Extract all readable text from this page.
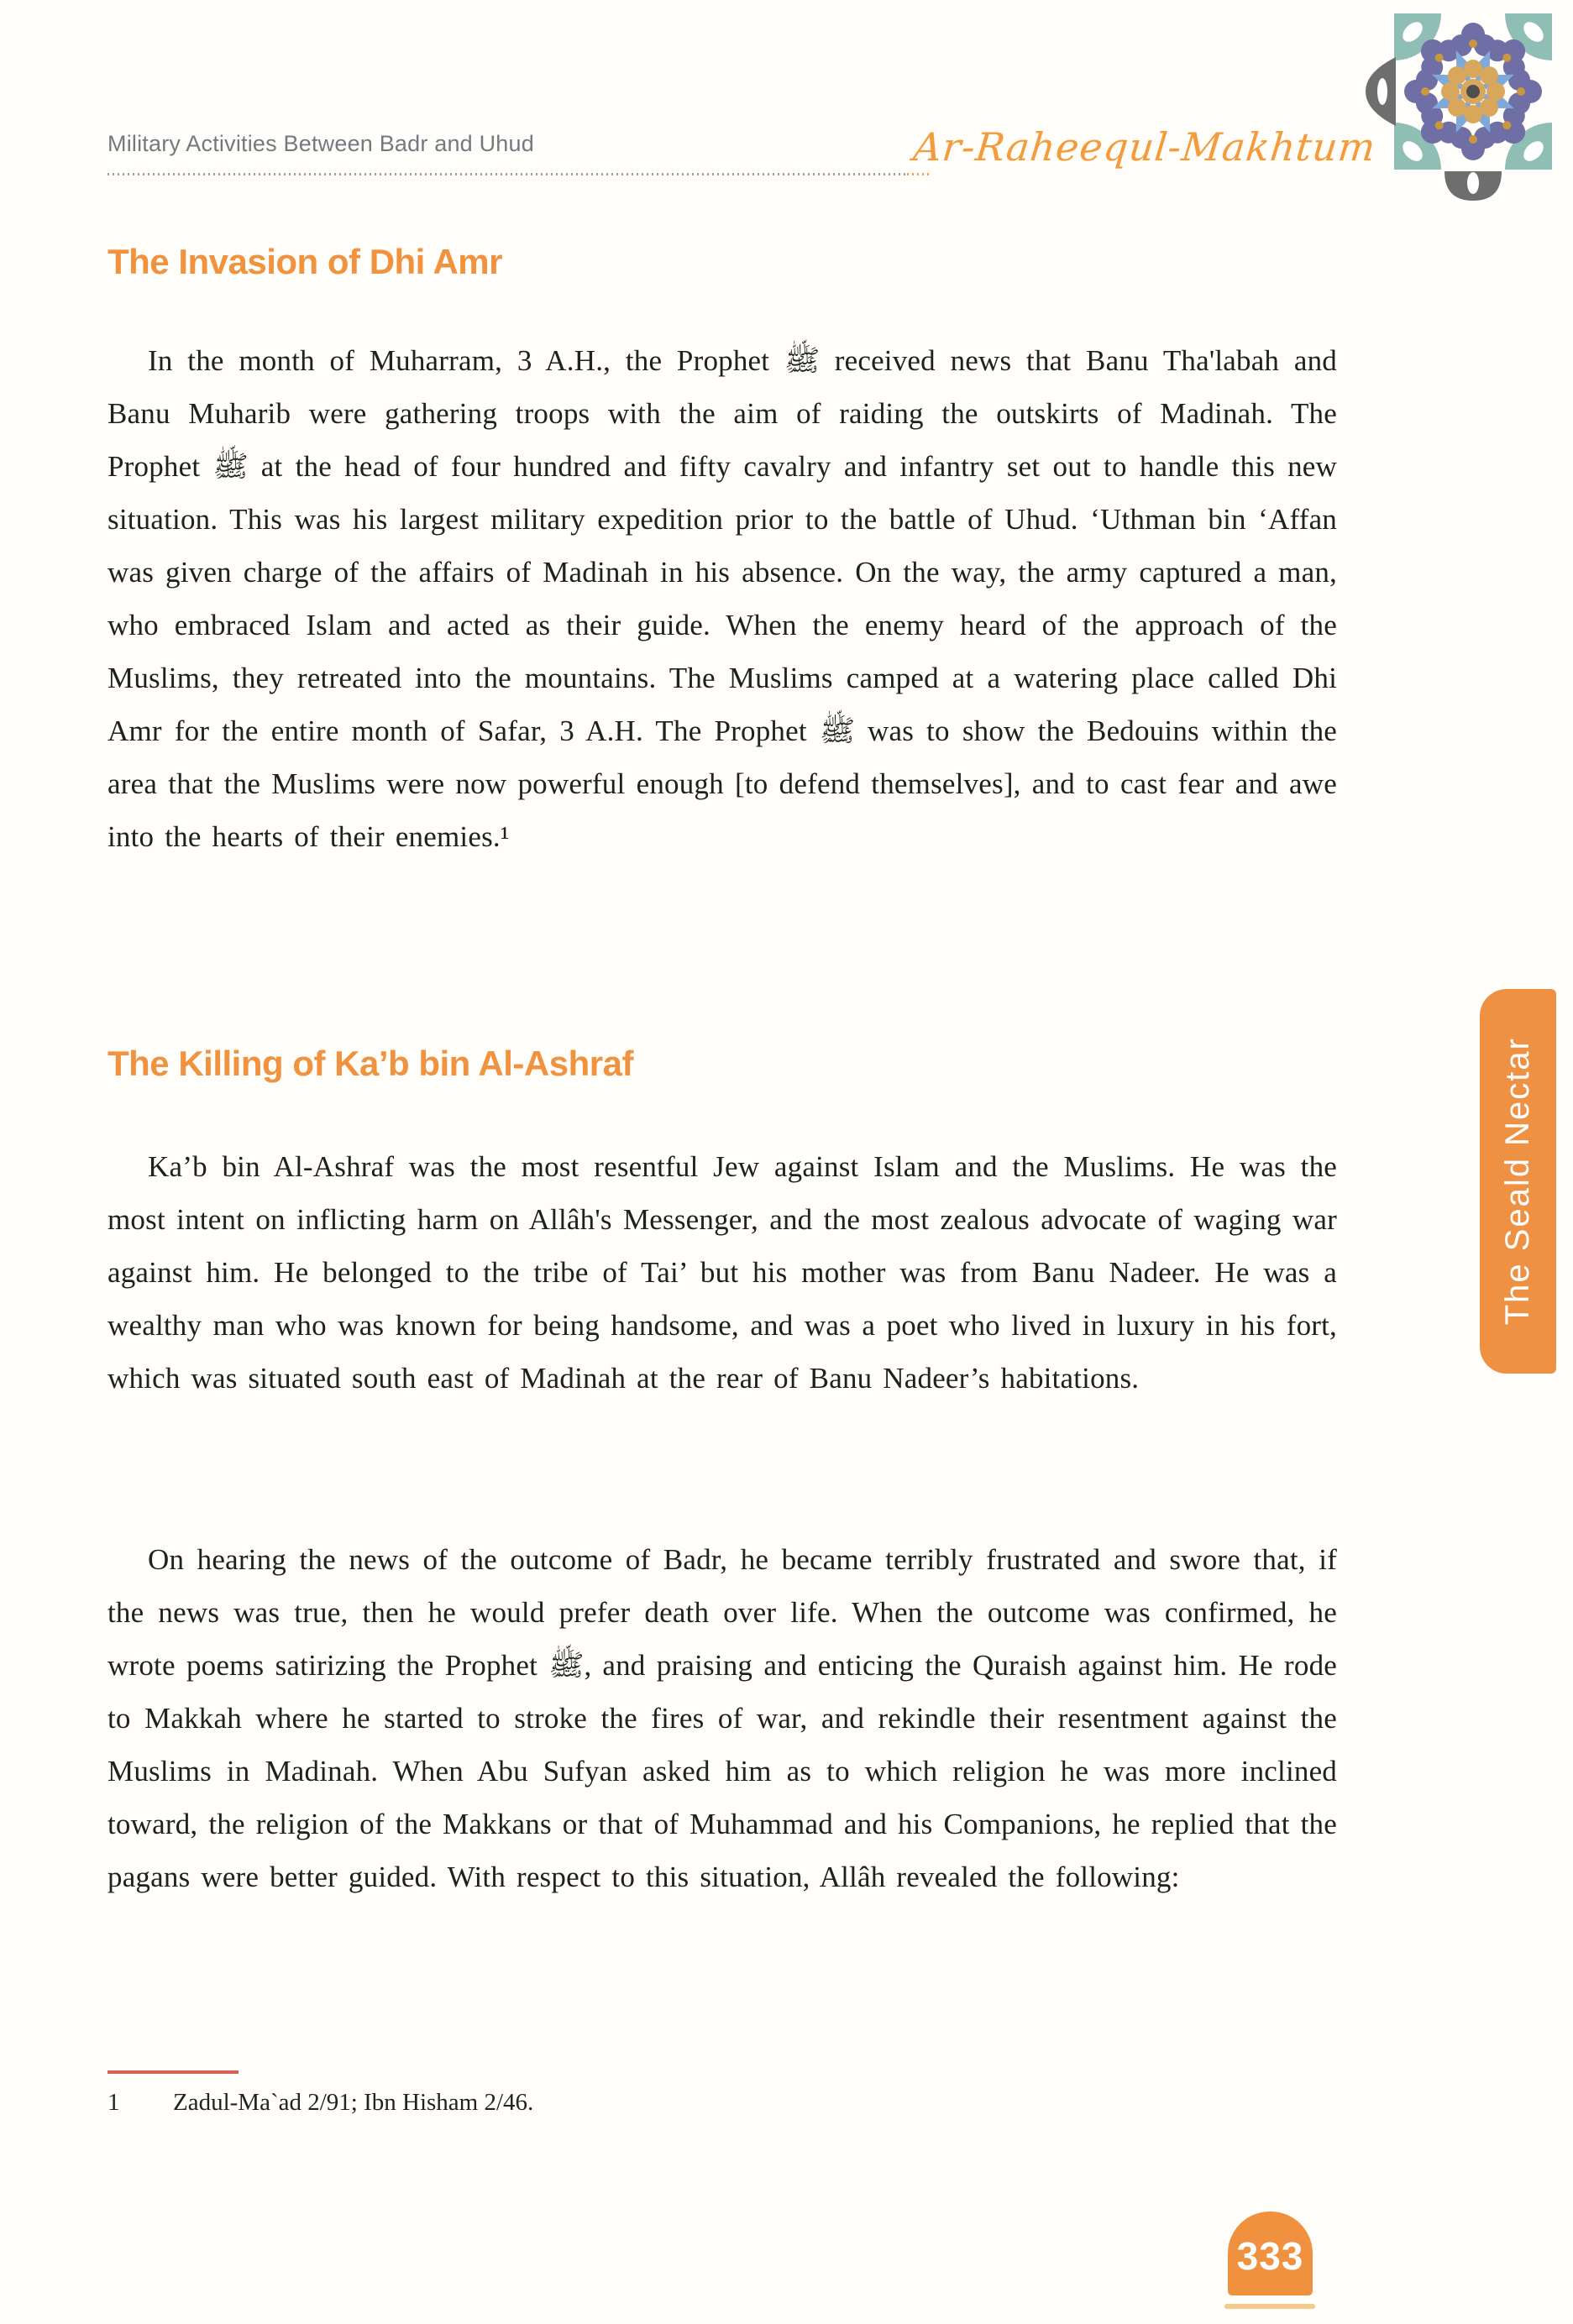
Military Activities Between Badr and Uhud	Ar-Raheequl-Makhtum
The Invasion of Dhi Amr

In the month of Muharram, 3 A.H., the Prophet ﷺ received news that Banu Tha'labah and Banu Muharib were gathering troops with the aim of raiding the outskirts of Madinah. The Prophet ﷺ at the head of four hundred and fifty cavalry and infantry set out to handle this new situation. This was his largest military expedition prior to the battle of Uhud. ‘Uthman bin ‘Affan was given charge of the affairs of Madinah in his absence. On the way, the army captured a man, who embraced Islam and acted as their guide. When the enemy heard of the approach of the Muslims, they retreated into the mountains. The Muslims camped at a watering place called Dhi Amr for the entire month of Safar, 3 A.H. The Prophet ﷺ was to show the Bedouins within the area that the Muslims were now powerful enough [to defend themselves], and to cast fear and awe into the hearts of their enemies.¹

The Killing of Ka’b bin Al-Ashraf

Ka’b bin Al-Ashraf was the most resentful Jew against Islam and the Muslims. He was the most intent on inflicting harm on Allâh's Messenger, and the most zealous advocate of waging war against him. He belonged to the tribe of Tai’ but his mother was from Banu Nadeer. He was a wealthy man who was known for being handsome, and was a poet who lived in luxury in his fort, which was situated south east of Madinah at the rear of Banu Nadeer’s habitations.

On hearing the news of the outcome of Badr, he became terribly frustrated and swore that, if the news was true, then he would prefer death over life. When the outcome was confirmed, he wrote poems satirizing the Prophet ﷺ, and praising and enticing the Quraish against him. He rode to Makkah where he started to stroke the fires of war, and rekindle their resentment against the Muslims in Madinah. When Abu Sufyan asked him as to which religion he was more inclined toward, the religion of the Makkans or that of Muhammad and his Companions, he replied that the pagans were better guided. With respect to this situation, Allâh revealed the following:

1 Zadul-Ma`ad 2/91; Ibn Hisham 2/46.
The Seald Nectar
333
